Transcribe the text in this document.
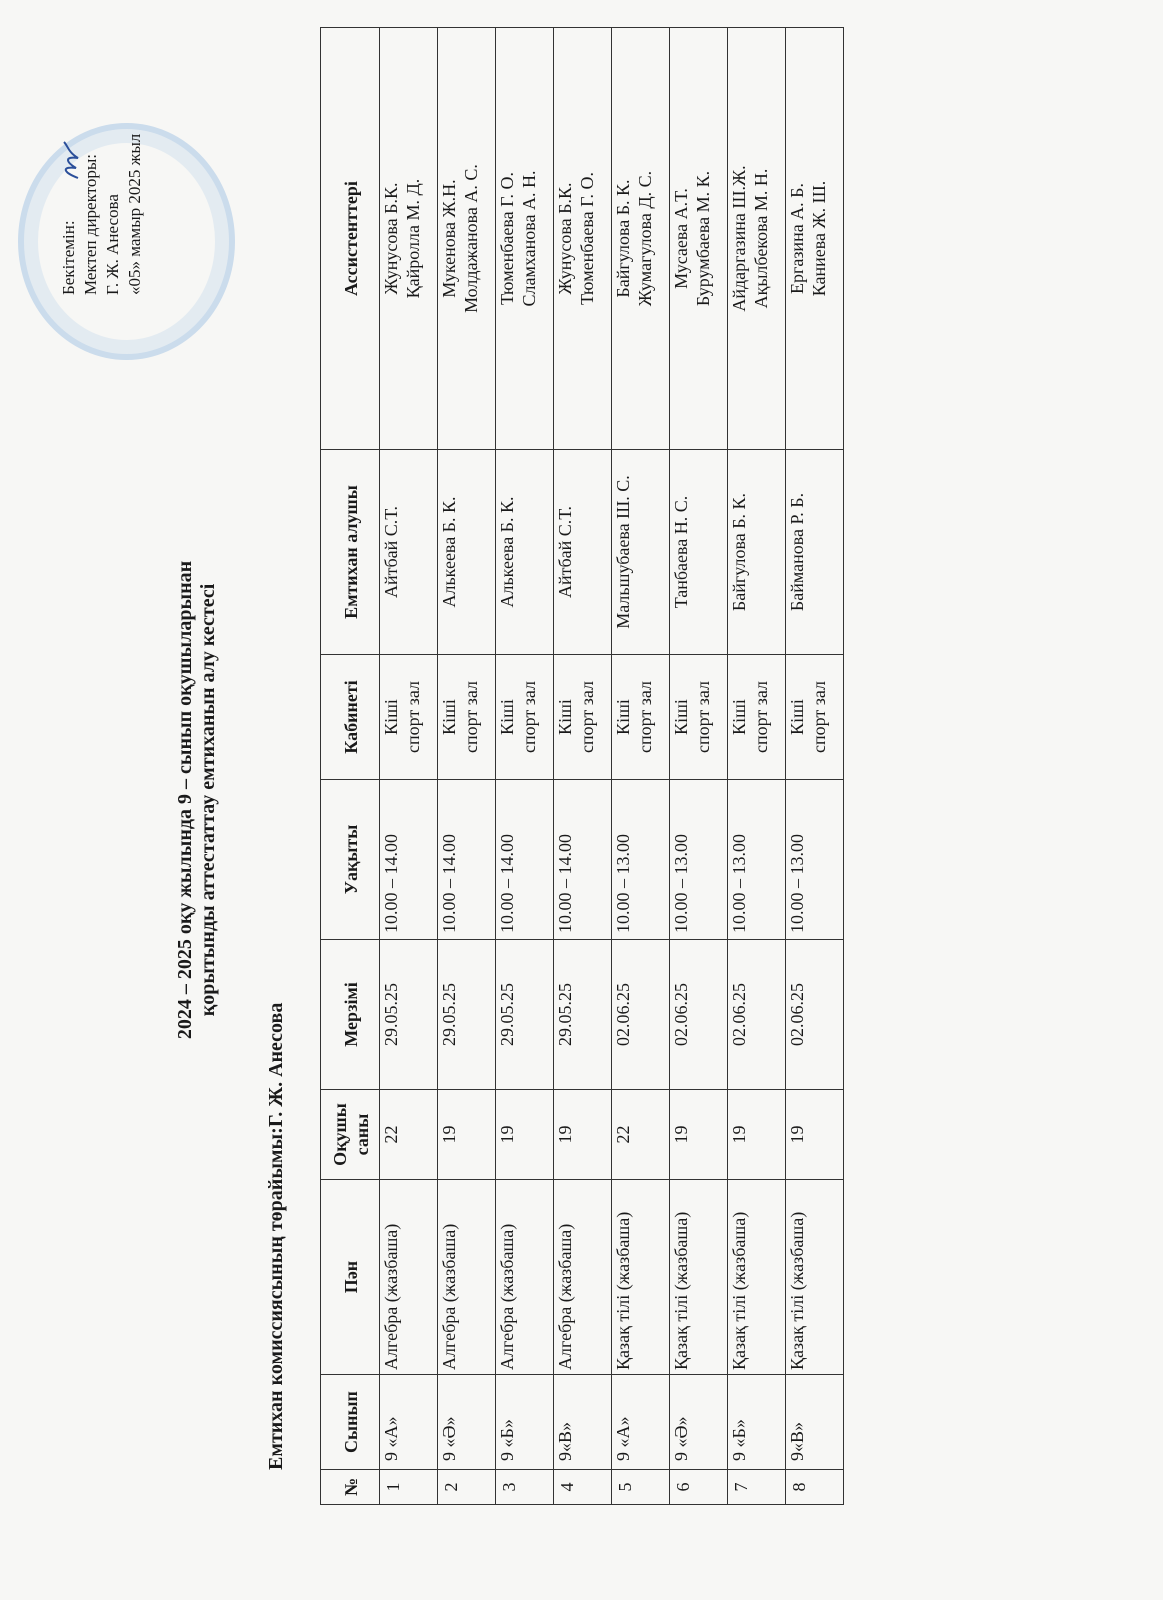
Бекітемін: Мектеп директоры: Г. Ж. Анесова «05» мамыр 2025 жыл
2024 – 2025 оқу жылында 9 – сынып оқушыларынан қорытынды аттестаттау емтиханын алу кестесі
Емтихан комиссиясының төрайымы:Г. Ж. Анесова
№	Сынып	Пән	Оқушы саны	Мерзімі	Уақыты	Кабинеті	Емтихан алушы	Ассистенттері
1	9 «А»	Алгебра (жазбаша)	22	29.05.25	10.00 – 14.00	Кіші спорт зал	Айтбай С.Т.	Жунусова Б.К. Қайролла М. Д.

2	9 «Ә»	Алгебра (жазбаша)	19	29.05.25	10.00 – 14.00	Кіші спорт зал	Алькеева Б. К.	Мукенова Ж.Н. Молдажанова А. С.

3	9 «Б»	Алгебра (жазбаша)	19	29.05.25	10.00 – 14.00	Кіші спорт зал	Алькеева Б. К.	Тюменбаева Г. О. Сламханова А. Н.

4	9«В»	Алгебра (жазбаша)	19	29.05.25	10.00 – 14.00	Кіші спорт зал	Айтбай С.Т.	Жунусова Б.К. Тюменбаева Г. О.

5	9 «А»	Қазақ тілі (жазбаша)	22	02.06.25	10.00 – 13.00	Кіші спорт зал	Мальшубаева Ш. С.	Байгулова Б. К. Жумагулова Д. С.

6	9 «Ә»	Қазақ тілі (жазбаша)	19	02.06.25	10.00 – 13.00	Кіші спорт зал	Танбаева Н. С.	Мусаева А.Т. Бурумбаева М. К.

7	9 «Б»	Қазақ тілі (жазбаша)	19	02.06.25	10.00 – 13.00	Кіші спорт зал	Байгулова Б. К.	Айдаргазина Ш.Ж. Ақылбекова М. Н.

8	9«В»	Қазақ тілі (жазбаша)	19	02.06.25	10.00 – 13.00	Кіші спорт зал	Байманова Р. Б.	Ергазина А. Б. Каниева Ж. Ш.
